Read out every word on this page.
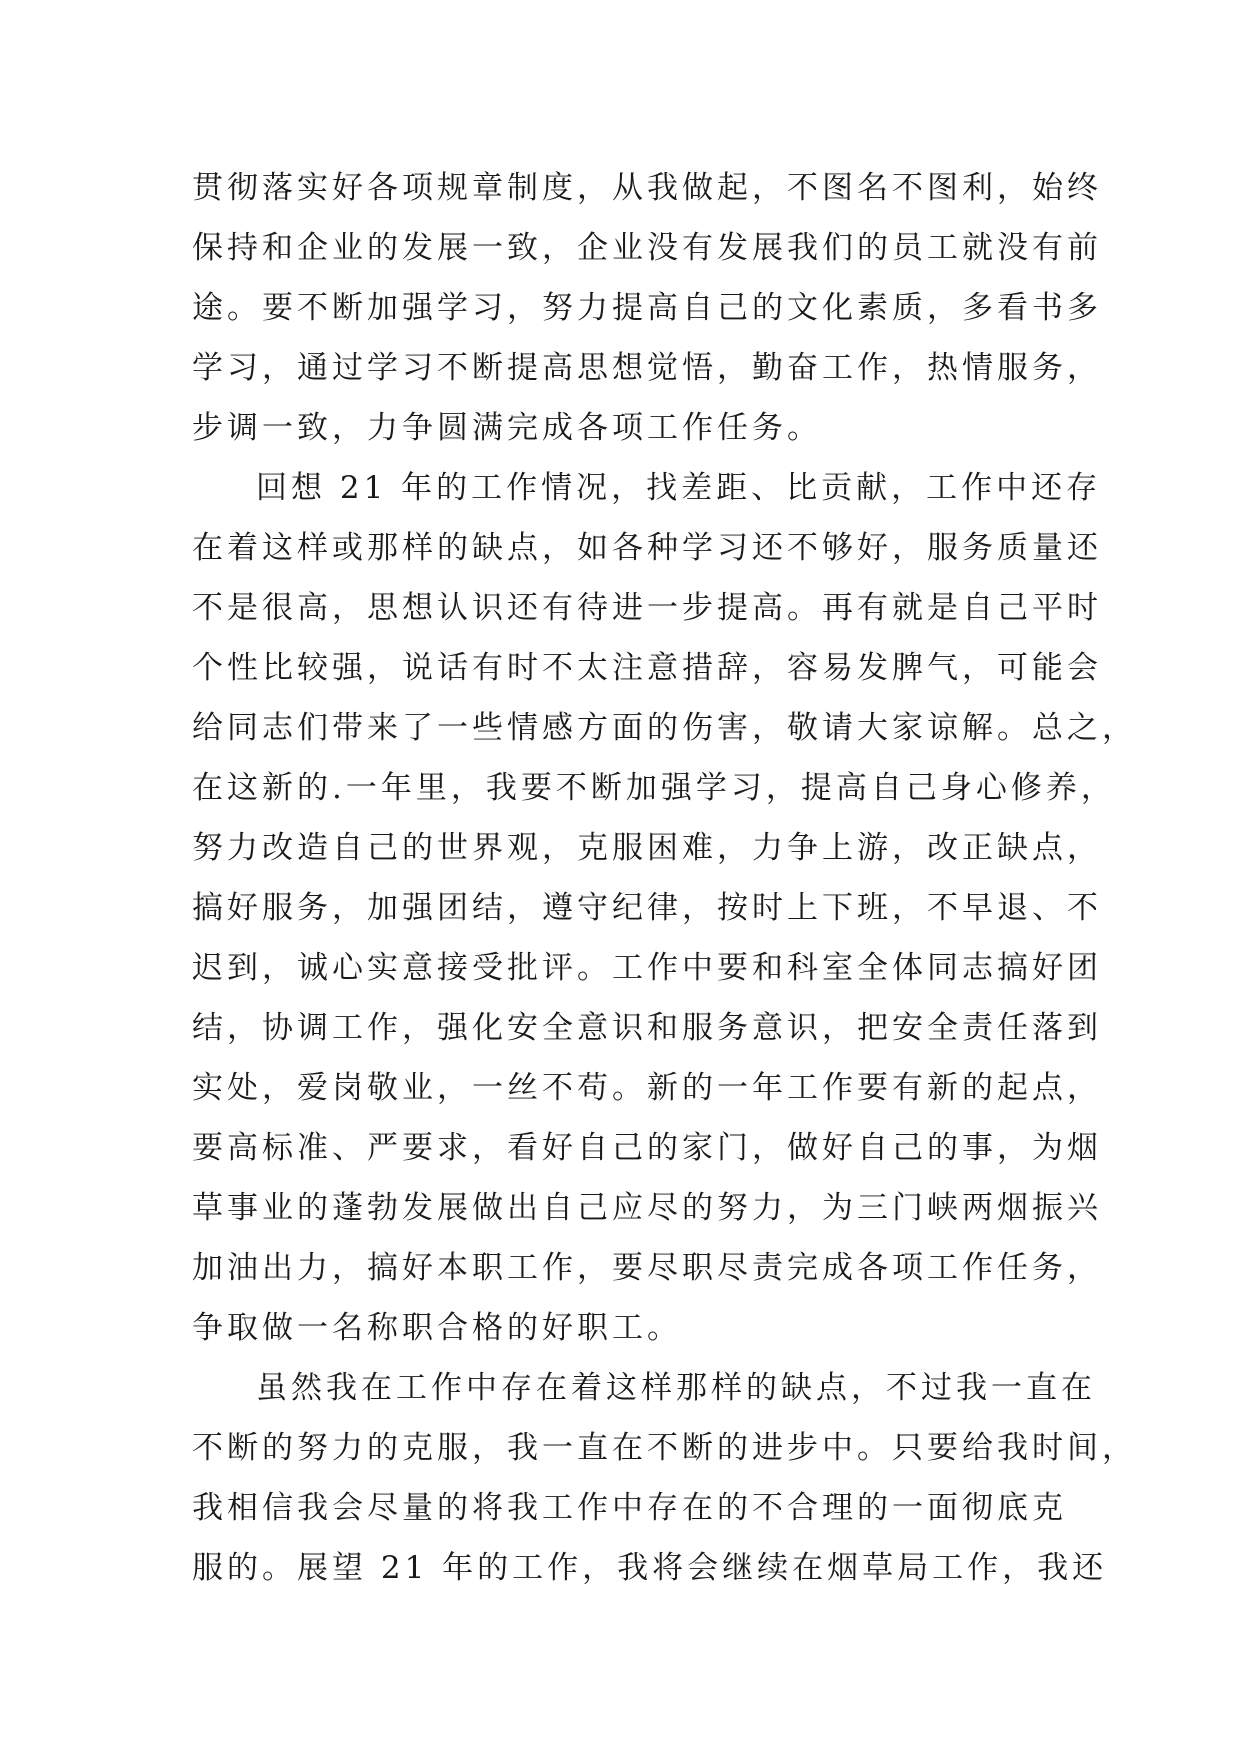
贯彻落实好各项规章制度，从我做起，不图名不图利，始终
保持和企业的发展一致，企业没有发展我们的员工就没有前
途。要不断加强学习，努力提高自己的文化素质，多看书多
学习，通过学习不断提高思想觉悟，勤奋工作，热情服务，
步调一致，力争圆满完成各项工作任务。

回想 21 年的工作情况，找差距、比贡献，工作中还存
在着这样或那样的缺点，如各种学习还不够好，服务质量还
不是很高，思想认识还有待进一步提高。再有就是自己平时
个性比较强，说话有时不太注意措辞，容易发脾气，可能会
给同志们带来了一些情感方面的伤害，敬请大家谅解。总之，
在这新的.一年里，我要不断加强学习，提高自己身心修养，
努力改造自己的世界观，克服困难，力争上游，改正缺点，
搞好服务，加强团结，遵守纪律，按时上下班，不早退、不
迟到，诚心实意接受批评。工作中要和科室全体同志搞好团
结，协调工作，强化安全意识和服务意识，把安全责任落到
实处，爱岗敬业，一丝不苟。新的一年工作要有新的起点，
要高标准、严要求，看好自己的家门，做好自己的事，为烟
草事业的蓬勃发展做出自己应尽的努力，为三门峡两烟振兴
加油出力，搞好本职工作，要尽职尽责完成各项工作任务，
争取做一名称职合格的好职工。

虽然我在工作中存在着这样那样的缺点，不过我一直在
不断的努力的克服，我一直在不断的进步中。只要给我时间，
我相信我会尽量的将我工作中存在的不合理的一面彻底克
服的。展望 21 年的工作，我将会继续在烟草局工作，我还
